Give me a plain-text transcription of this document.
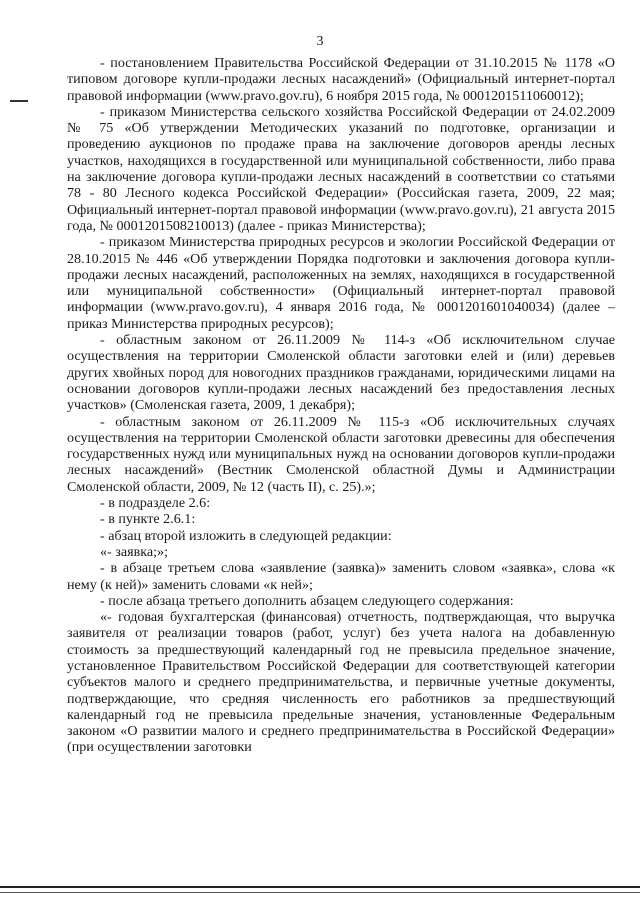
3

- постановлением Правительства Российской Федерации от 31.10.2015 № 1178 «О типовом договоре купли-продажи лесных насаждений» (Официальный интернет-портал правовой информации (www.pravo.gov.ru), 6 ноября 2015 года, № 0001201511060012);

- приказом Министерства сельского хозяйства Российской Федерации от 24.02.2009 № 75 «Об утверждении Методических указаний по подготовке, организации и проведению аукционов по продаже права на заключение договоров аренды лесных участков, находящихся в государственной или муниципальной собственности, либо права на заключение договора купли-продажи лесных насаждений в соответствии со статьями 78 - 80 Лесного кодекса Российской Федерации» (Российская газета, 2009, 22 мая; Официальный интернет-портал правовой информации (www.pravo.gov.ru), 21 августа 2015 года, № 0001201508210013) (далее - приказ Министерства);

- приказом Министерства природных ресурсов и экологии Российской Федерации от 28.10.2015 № 446 «Об утверждении Порядка подготовки и заключения договора купли-продажи лесных насаждений, расположенных на землях, находящихся в государственной или муниципальной собственности» (Официальный интернет-портал правовой информации (www.pravo.gov.ru), 4 января 2016 года, № 0001201601040034) (далее – приказ Министерства природных ресурсов);

- областным законом от 26.11.2009 № 114-з «Об исключительном случае осуществления на территории Смоленской области заготовки елей и (или) деревьев других хвойных пород для новогодних праздников гражданами, юридическими лицами на основании договоров купли-продажи лесных насаждений без предоставления лесных участков» (Смоленская газета, 2009, 1 декабря);

- областным законом от 26.11.2009 № 115-з «Об исключительных случаях осуществления на территории Смоленской области заготовки древесины для обеспечения государственных нужд или муниципальных нужд на основании договоров купли-продажи лесных насаждений» (Вестник Смоленской областной Думы и Администрации Смоленской области, 2009, № 12 (часть II), с. 25).»;

- в подразделе 2.6:

- в пункте 2.6.1:

- абзац второй изложить в следующей редакции:

«- заявка;»;

- в абзаце третьем слова «заявление (заявка)» заменить словом «заявка», слова «к нему (к ней)» заменить словами «к ней»;

- после абзаца третьего дополнить абзацем следующего содержания:

«- годовая бухгалтерская (финансовая) отчетность, подтверждающая, что выручка заявителя от реализации товаров (работ, услуг) без учета налога на добавленную стоимость за предшествующий календарный год не превысила предельное значение, установленное Правительством Российской Федерации для соответствующей категории субъектов малого и среднего предпринимательства, и первичные учетные документы, подтверждающие, что средняя численность его работников за предшествующий календарный год не превысила предельные значения, установленные Федеральным законом «О развитии малого и среднего предпринимательства в Российской Федерации» (при осуществлении заготовки
